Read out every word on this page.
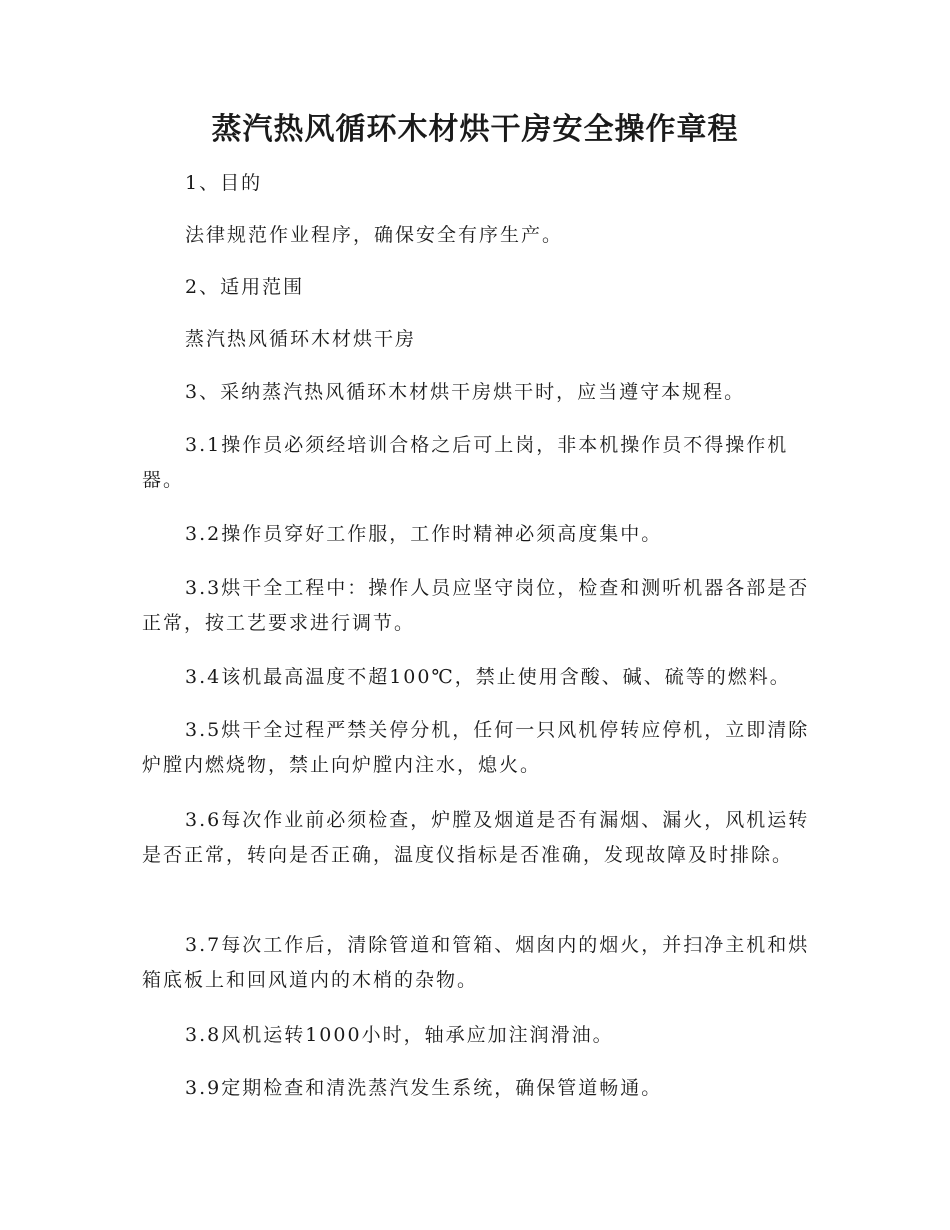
蒸汽热风循环木材烘干房安全操作章程

1、目的

法律规范作业程序，确保安全有序生产。

2、适用范围

蒸汽热风循环木材烘干房

3、采纳蒸汽热风循环木材烘干房烘干时，应当遵守本规程。

3.1操作员必须经培训合格之后可上岗，非本机操作员不得操作机器。

3.2操作员穿好工作服，工作时精神必须高度集中。

3.3烘干全工程中：操作人员应坚守岗位，检查和测听机器各部是否正常，按工艺要求进行调节。

3.4该机最高温度不超100℃，禁止使用含酸、碱、硫等的燃料。

3.5烘干全过程严禁关停分机，任何一只风机停转应停机，立即清除炉膛内燃烧物，禁止向炉膛内注水，熄火。

3.6每次作业前必须检查，炉膛及烟道是否有漏烟、漏火，风机运转是否正常，转向是否正确，温度仪指标是否准确，发现故障及时排除。

3.7每次工作后，清除管道和管箱、烟囱内的烟火，并扫净主机和烘箱底板上和回风道内的木梢的杂物。

3.8风机运转1000小时，轴承应加注润滑油。

3.9定期检查和清洗蒸汽发生系统，确保管道畅通。
